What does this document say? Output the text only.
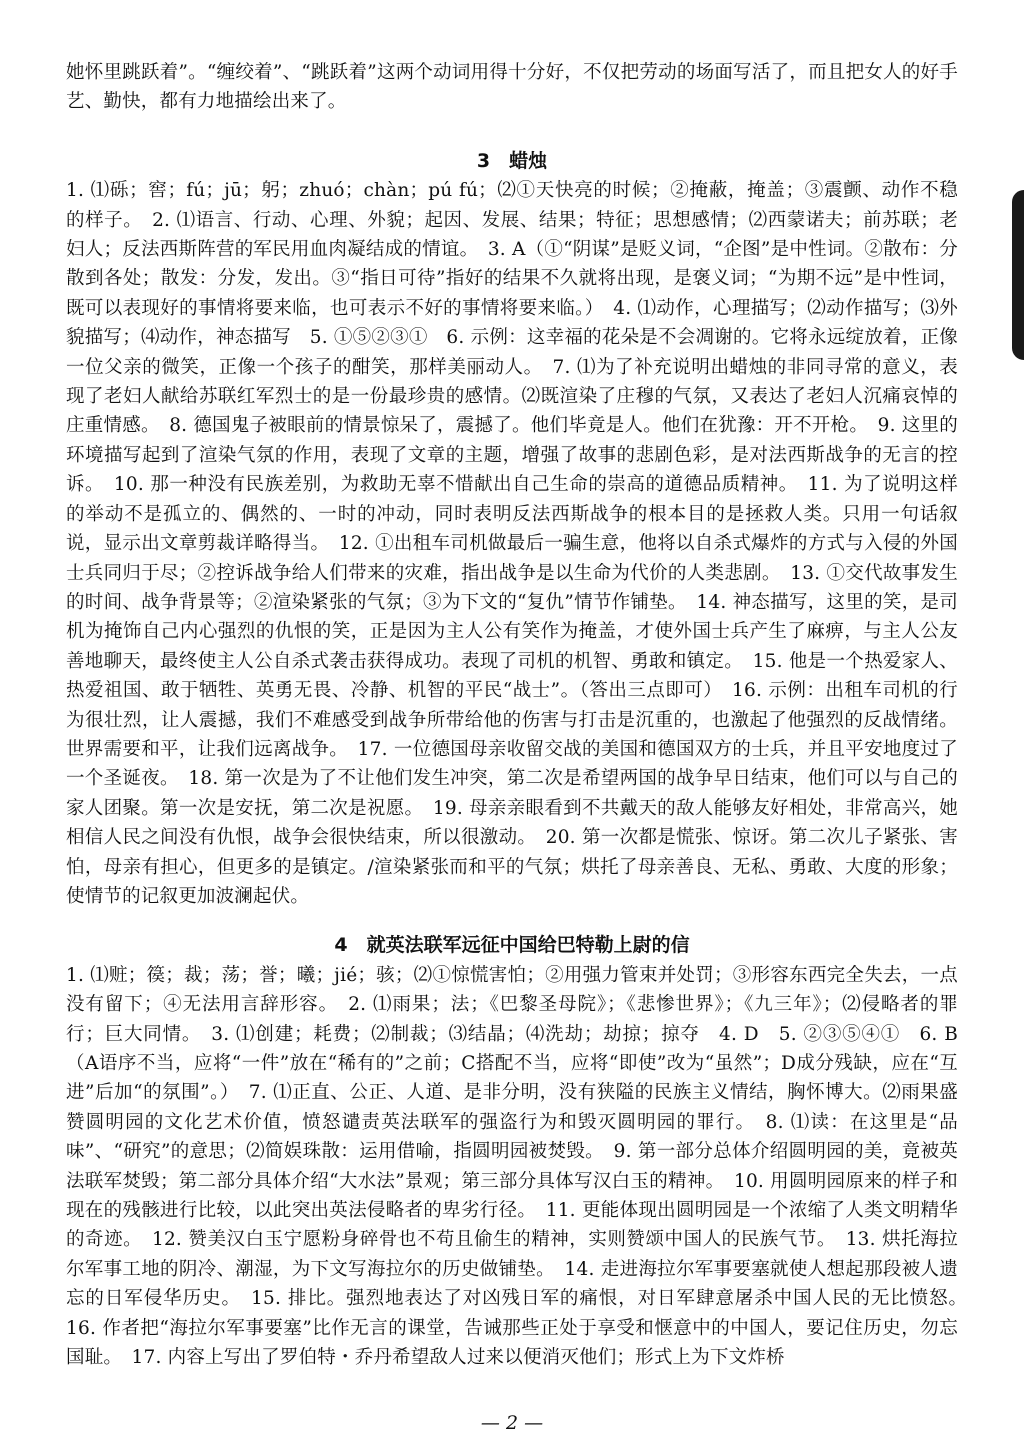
她怀里跳跃着”。“缠绞着”、“跳跃着”这两个动词用得十分好，不仅把劳动的场面写活了，而且把女人的好手艺、勤快，都有力地描绘出来了。

3　蜡烛

1. ⑴砾；窖；fú；jū；躬；zhuó；chàn；pú fú；⑵①天快亮的时候；②掩蔽，掩盖；③震颤、动作不稳的样子。　2. ⑴语言、行动、心理、外貌；起因、发展、结果；特征；思想感情；⑵西蒙诺夫；前苏联；老妇人；反法西斯阵营的军民用血肉凝结成的情谊。　3. A（①“阴谋”是贬义词，“企图”是中性词。②散布：分散到各处；散发：分发，发出。③“指日可待”指好的结果不久就将出现，是褒义词；“为期不远”是中性词，既可以表现好的事情将要来临，也可表示不好的事情将要来临。）　4. ⑴动作，心理描写；⑵动作描写；⑶外貌描写；⑷动作，神态描写　5. ①⑤②③①　6. 示例：这幸福的花朵是不会凋谢的。它将永远绽放着，正像一位父亲的微笑，正像一个孩子的酣笑，那样美丽动人。　7. ⑴为了补充说明出蜡烛的非同寻常的意义，表现了老妇人献给苏联红军烈士的是一份最珍贵的感情。⑵既渲染了庄穆的气氛，又表达了老妇人沉痛哀悼的庄重情感。　8. 德国鬼子被眼前的情景惊呆了，震撼了。他们毕竟是人。他们在犹豫：开不开枪。　9. 这里的环境描写起到了渲染气氛的作用，表现了文章的主题，增强了故事的悲剧色彩，是对法西斯战争的无言的控诉。　10. 那一种没有民族差别，为救助无辜不惜献出自己生命的崇高的道德品质精神。　11. 为了说明这样的举动不是孤立的、偶然的、一时的冲动，同时表明反法西斯战争的根本目的是拯救人类。只用一句话叙说，显示出文章剪裁详略得当。　12. ①出租车司机做最后一骗生意，他将以自杀式爆炸的方式与入侵的外国士兵同归于尽；②控诉战争给人们带来的灾难，指出战争是以生命为代价的人类悲剧。　13. ①交代故事发生的时间、战争背景等；②渲染紧张的气氛；③为下文的“复仇”情节作铺垫。　14. 神态描写，这里的笑，是司机为掩饰自己内心强烈的仇恨的笑，正是因为主人公有笑作为掩盖，才使外国士兵产生了麻痹，与主人公友善地聊天，最终使主人公自杀式袭击获得成功。表现了司机的机智、勇敢和镇定。　15. 他是一个热爱家人、热爱祖国、敢于牺牲、英勇无畏、冷静、机智的平民“战士”。（答出三点即可）　16. 示例：出租车司机的行为很壮烈，让人震撼，我们不难感受到战争所带给他的伤害与打击是沉重的，也激起了他强烈的反战情绪。世界需要和平，让我们远离战争。　17. 一位德国母亲收留交战的美国和德国双方的士兵，并且平安地度过了一个圣诞夜。　18. 第一次是为了不让他们发生冲突，第二次是希望两国的战争早日结束，他们可以与自己的家人团聚。第一次是安抚，第二次是祝愿。　19. 母亲亲眼看到不共戴天的敌人能够友好相处，非常高兴，她相信人民之间没有仇恨，战争会很快结束，所以很激动。　20. 第一次都是慌张、惊讶。第二次儿子紧张、害怕，母亲有担心，但更多的是镇定。/渲染紧张而和平的气氛；烘托了母亲善良、无私、勇敢、大度的形象；使情节的记叙更加波澜起伏。

4　就英法联军远征中国给巴特勒上尉的信

1. ⑴赃；篌；裁；荡；誉；曦；jié；骇；⑵①惊慌害怕；②用强力管束并处罚；③形容东西完全失去，一点没有留下；④无法用言辞形容。　2. ⑴雨果；法；《巴黎圣母院》；《悲惨世界》；《九三年》；⑵侵略者的罪行；巨大同情。　3. ⑴创建；耗费；⑵制裁；⑶结晶；⑷洗劫；劫掠；掠夺　4. D　5. ②③⑤④①　6. B（A语序不当，应将“一件”放在“稀有的”之前；C搭配不当，应将“即使”改为“虽然”；D成分残缺，应在“互进”后加“的氛围”。）　7. ⑴正直、公正、人道、是非分明，没有狭隘的民族主义情结，胸怀博大。⑵雨果盛赞圆明园的文化艺术价值，愤怒谴责英法联军的强盗行为和毁灭圆明园的罪行。　8. ⑴读：在这里是“品味”、“研究”的意思；⑵简娱珠散：运用借喻，指圆明园被焚毁。　9. 第一部分总体介绍圆明园的美，竟被英法联军焚毁；第二部分具体介绍“大水法”景观；第三部分具体写汉白玉的精神。　10. 用圆明园原来的样子和现在的残骸进行比较，以此突出英法侵略者的卑劣行径。　11. 更能体现出圆明园是一个浓缩了人类文明精华的奇迹。　12. 赞美汉白玉宁愿粉身碎骨也不苟且偷生的精神，实则赞颂中国人的民族气节。　13. 烘托海拉尔军事工地的阴冷、潮湿，为下文写海拉尔的历史做铺垫。　14. 走进海拉尔军事要塞就使人想起那段被人遗忘的日军侵华历史。　15. 排比。强烈地表达了对凶残日军的痛恨，对日军肆意屠杀中国人民的无比愤怒。　16. 作者把“海拉尔军事要塞”比作无言的课堂，告诫那些正处于享受和惬意中的中国人，要记住历史，勿忘国耻。　17. 内容上写出了罗伯特・乔丹希望敌人过来以便消灭他们；形式上为下文炸桥

— 2 —
